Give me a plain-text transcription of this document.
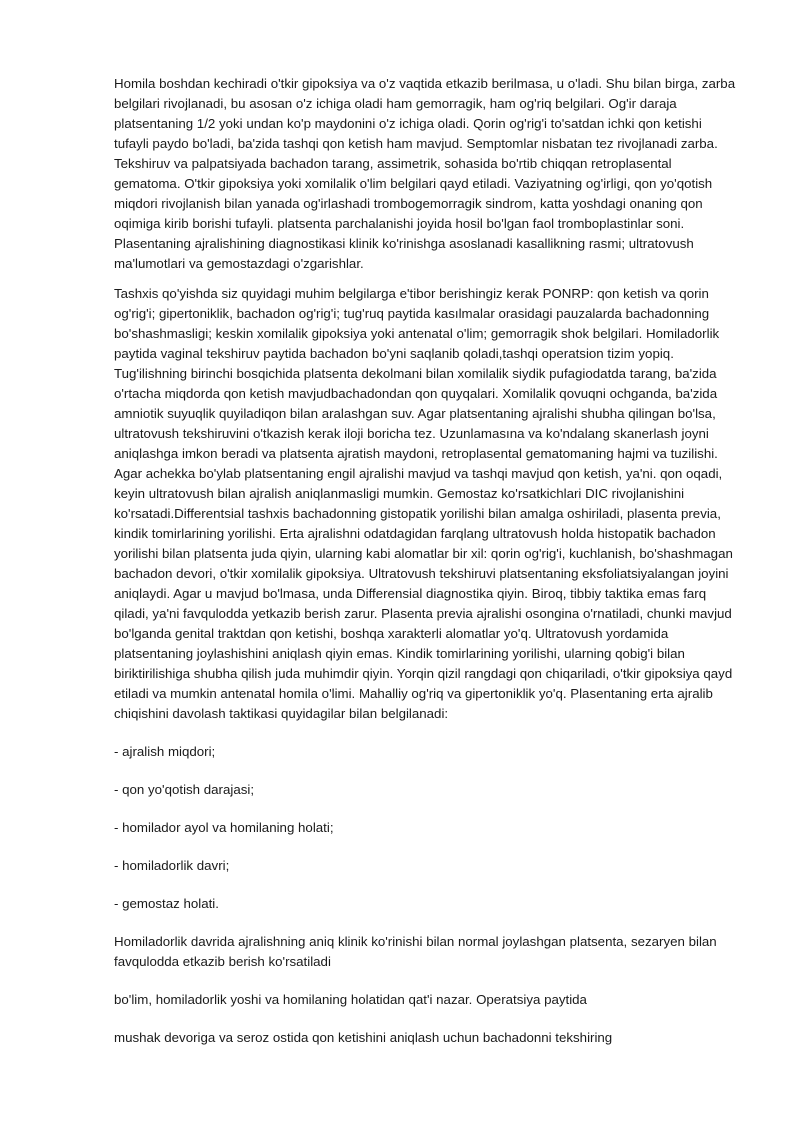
Homila boshdan kechiradi o'tkir gipoksiya va o'z vaqtida etkazib berilmasa, u o'ladi. Shu bilan birga, zarba belgilari rivojlanadi, bu asosan o'z ichiga oladi ham gemorragik, ham og'riq belgilari. Og'ir daraja platsentaning 1/2 yoki undan ko'p maydonini o'z ichiga oladi. Qorin og'rig'i to'satdan ichki qon ketishi tufayli paydo bo'ladi, ba'zida tashqi qon ketish ham mavjud. Semptomlar nisbatan tez rivojlanadi zarba. Tekshiruv va palpatsiyada bachadon tarang, assimetrik, sohasida bo'rtib chiqqan retroplasental gematoma. O'tkir gipoksiya yoki xomilalik o'lim belgilari qayd etiladi. Vaziyatning og'irligi, qon yo'qotish miqdori rivojlanish bilan yanada og'irlashadi trombogemorragik sindrom, katta yoshdagi onaning qon oqimiga kirib borishi tufayli. platsenta parchalanishi joyida hosil bo'lgan faol tromboplastinlar soni. Plasentaning ajralishining diagnostikasi klinik ko'rinishga asoslanadi kasallikning rasmi; ultratovush ma'lumotlari va gemostazdagi o'zgarishlar.

Tashxis qo'yishda siz quyidagi muhim belgilarga e'tibor berishingiz kerak PONRP: qon ketish va qorin og'rig'i; gipertoniklik, bachadon og'rig'i; tug'ruq paytida kasılmalar orasidagi pauzalarda bachadonning bo'shashmasligi; keskin xomilalik gipoksiya yoki antenatal o'lim; gemorragik shok belgilari. Homiladorlik paytida vaginal tekshiruv paytida bachadon bo'yni saqlanib qoladi,tashqi operatsion tizim yopiq. Tug'ilishning birinchi bosqichida platsenta dekolmani bilan xomilalik siydik pufagiodatda tarang, ba'zida o'rtacha miqdorda qon ketish mavjudbachadondan qon quyqalari. Xomilalik qovuqni ochganda, ba'zida amniotik suyuqlik quyiladiqon bilan aralashgan suv. Agar platsentaning ajralishi shubha qilingan bo'lsa, ultratovush tekshiruvini o'tkazish kerak iloji boricha tez. Uzunlamasına va ko'ndalang skanerlash joyni aniqlashga imkon beradi va platsenta ajratish maydoni, retroplasental gematomaning hajmi va tuzilishi. Agar achekka bo'ylab platsentaning engil ajralishi mavjud va tashqi mavjud qon ketish, ya'ni. qon oqadi, keyin ultratovush bilan ajralish aniqlanmasligi mumkin. Gemostaz ko'rsatkichlari DIC rivojlanishini ko'rsatadi.Differentsial tashxis bachadonning gistopatik yorilishi bilan amalga oshiriladi, plasenta previa, kindik tomirlarining yorilishi. Erta ajralishni odatdagidan farqlang ultratovush holda histopatik bachadon yorilishi bilan platsenta juda qiyin, ularning kabi alomatlar bir xil: qorin og'rig'i, kuchlanish, bo'shashmagan bachadon devori, o'tkir xomilalik gipoksiya. Ultratovush tekshiruvi platsentaning eksfoliatsiyalangan joyini aniqlaydi. Agar u mavjud bo'lmasa, unda Differensial diagnostika qiyin. Biroq, tibbiy taktika emas farq qiladi, ya'ni favqulodda yetkazib berish zarur. Plasenta previa ajralishi osongina o'rnatiladi, chunki mavjud bo'lganda genital traktdan qon ketishi, boshqa xarakterli alomatlar yo'q. Ultratovush yordamida platsentaning joylashishini aniqlash qiyin emas. Kindik tomirlarining yorilishi, ularning qobig'i bilan biriktirilishiga shubha qilish juda muhimdir qiyin. Yorqin qizil rangdagi qon chiqariladi, o'tkir gipoksiya qayd etiladi va mumkin antenatal homila o'limi. Mahalliy og'riq va gipertoniklik yo'q. Plasentaning erta ajralib chiqishini davolash taktikasi quyidagilar bilan belgilanadi:

- ajralish miqdori;
- qon yo'qotish darajasi;
- homilador ayol va homilaning holati;
- homiladorlik davri;
- gemostaz holati.

Homiladorlik davrida ajralishning aniq klinik ko'rinishi bilan normal joylashgan platsenta, sezaryen bilan favqulodda etkazib berish ko'rsatiladi

bo'lim, homiladorlik yoshi va homilaning holatidan qat'i nazar. Operatsiya paytida

mushak devoriga va seroz ostida qon ketishini aniqlash uchun bachadonni tekshiring
